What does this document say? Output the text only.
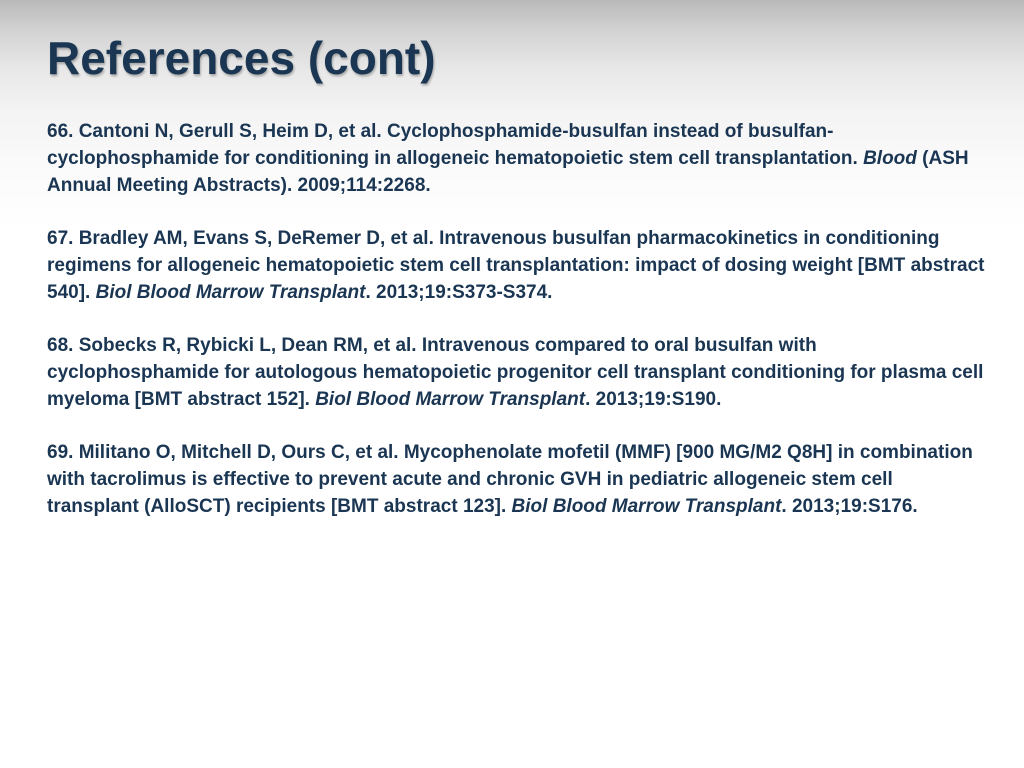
References (cont)

66. Cantoni N, Gerull S, Heim D, et al. Cyclophosphamide-busulfan instead of busulfan-cyclophosphamide for conditioning in allogeneic hematopoietic stem cell transplantation. Blood (ASH Annual Meeting Abstracts). 2009;114:2268.

67. Bradley AM, Evans S, DeRemer D, et al. Intravenous busulfan pharmacokinetics in conditioning regimens for allogeneic hematopoietic stem cell transplantation: impact of dosing weight [BMT abstract 540]. Biol Blood Marrow Transplant. 2013;19:S373-S374.

68. Sobecks R, Rybicki L, Dean RM, et al. Intravenous compared to oral busulfan with cyclophosphamide for autologous hematopoietic progenitor cell transplant conditioning for plasma cell myeloma [BMT abstract 152]. Biol Blood Marrow Transplant. 2013;19:S190.

69. Militano O, Mitchell D, Ours C, et al. Mycophenolate mofetil (MMF) [900 MG/M2 Q8H] in combination with tacrolimus is effective to prevent acute and chronic GVH in pediatric allogeneic stem cell transplant (AlloSCT) recipients [BMT abstract 123]. Biol Blood Marrow Transplant. 2013;19:S176.
